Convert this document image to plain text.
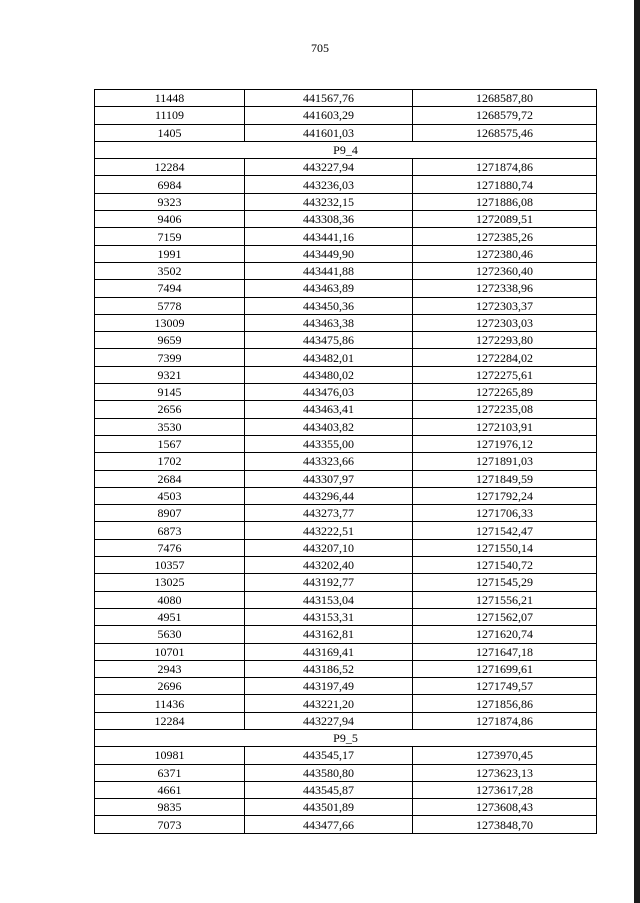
705
11448	441567,76	1268587,80
11109	441603,29	1268579,72
1405	441601,03	1268575,46
P9_4		
12284	443227,94	1271874,86
6984	443236,03	1271880,74
9323	443232,15	1271886,08
9406	443308,36	1272089,51
7159	443441,16	1272385,26
1991	443449,90	1272380,46
3502	443441,88	1272360,40
7494	443463,89	1272338,96
5778	443450,36	1272303,37
13009	443463,38	1272303,03
9659	443475,86	1272293,80
7399	443482,01	1272284,02
9321	443480,02	1272275,61
9145	443476,03	1272265,89
2656	443463,41	1272235,08
3530	443403,82	1272103,91
1567	443355,00	1271976,12
1702	443323,66	1271891,03
2684	443307,97	1271849,59
4503	443296,44	1271792,24
8907	443273,77	1271706,33
6873	443222,51	1271542,47
7476	443207,10	1271550,14
10357	443202,40	1271540,72
13025	443192,77	1271545,29
4080	443153,04	1271556,21
4951	443153,31	1271562,07
5630	443162,81	1271620,74
10701	443169,41	1271647,18
2943	443186,52	1271699,61
2696	443197,49	1271749,57
11436	443221,20	1271856,86
12284	443227,94	1271874,86
P9_5		
10981	443545,17	1273970,45
6371	443580,80	1273623,13
4661	443545,87	1273617,28
9835	443501,89	1273608,43
7073	443477,66	1273848,70
